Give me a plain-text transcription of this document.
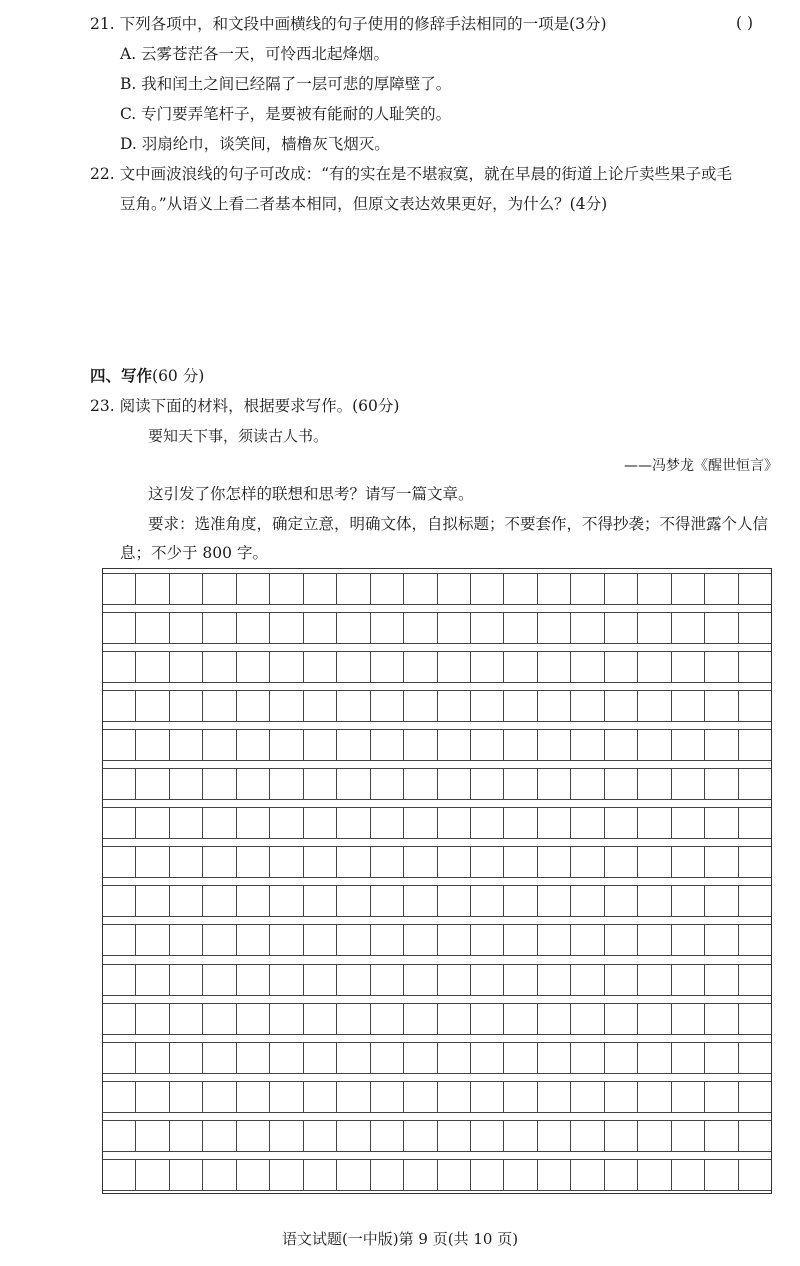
21. 下列各项中，和文段中画横线的句子使用的修辞手法相同的一项是(3分)	( )
A. 云雾苍茫各一天，可怜西北起烽烟。
B. 我和闰土之间已经隔了一层可悲的厚障壁了。
C. 专门要弄笔杆子，是要被有能耐的人耻笑的。
D. 羽扇纶巾，谈笑间，樯橹灰飞烟灭。
22. 文中画波浪线的句子可改成：“有的实在是不堪寂寞，就在早晨的街道上论斤卖些果子或毛
豆角。”从语义上看二者基本相同，但原文表达效果更好，为什么？(4分)
四、写作(60 分)
23. 阅读下面的材料，根据要求写作。(60分)
要知天下事，须读古人书。
——冯梦龙《醒世恒言》
这引发了你怎样的联想和思考？请写一篇文章。
要求：选准角度，确定立意，明确文体，自拟标题；不要套作，不得抄袭；不得泄露个人信
息；不少于 800 字。
语文试题(一中版)第 9 页(共 10 页)
